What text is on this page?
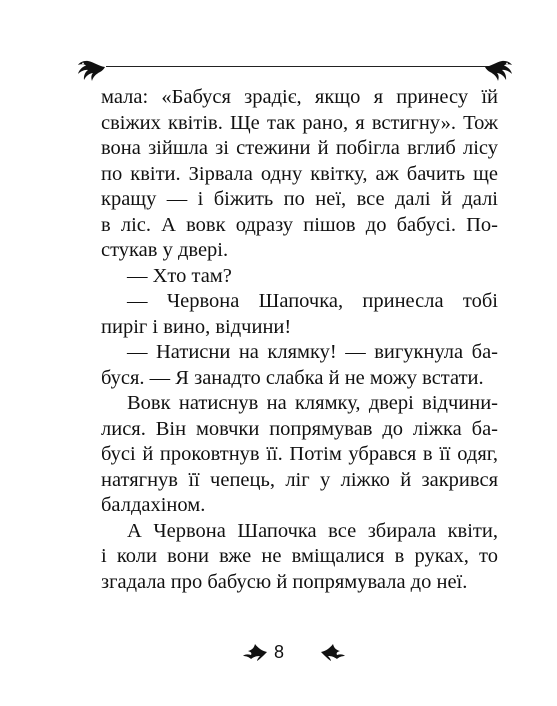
мала: «Бабуся зрадіє, якщо я принесу їй
свіжих квітів. Ще так рано, я встигну». Тож
вона зійшла зі стежини й побігла вглиб лісу
по квіти. Зірвала одну квітку, аж бачить ще
кращу — і біжить по неї, все далі й далі
в ліс. А вовк одразу пішов до бабусі. По-
стукав у двері.
— Хто там?
— Червона Шапочка, принесла тобі
пиріг і вино, відчини!
— Натисни на клямку! — вигукнула ба-
буся. — Я занадто слабка й не можу встати.
Вовк натиснув на клямку, двері відчини-
лися. Він мовчки попрямував до ліжка ба-
бусі й проковтнув її. Потім убрався в її одяг,
натягнув її чепець, ліг у ліжко й закрився
балдахіном.
А Червона Шапочка все збирала квіти,
і коли вони вже не вміщалися в руках, то
згадала про бабусю й попрямувала до неї.
8
